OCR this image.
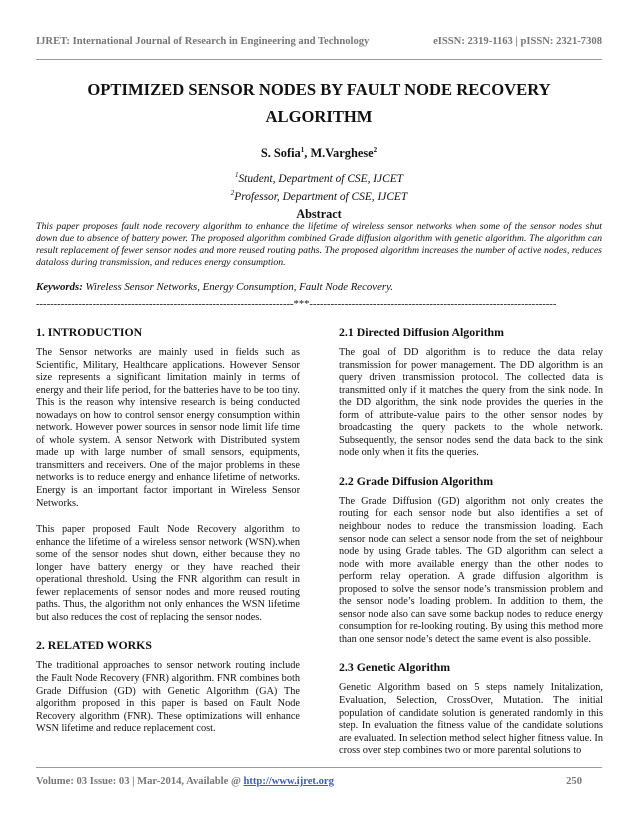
IJRET: International Journal of Research in Engineering and Technology	eISSN: 2319-1163 | pISSN: 2321-7308
OPTIMIZED SENSOR NODES BY FAULT NODE RECOVERY
ALGORITHM

S. Sofia$^1$, M.Varghese$^2$

$^1$Student, Department of CSE, IJCET
$^2$Professor, Department of CSE, IJCET
Abstract

This paper proposes fault node recovery algorithm to enhance the lifetime of wireless sensor networks when some of the sensor nodes shut down due to absence of battery power. The proposed algorithm combined Grade diffusion algorithm with genetic algorithm. The algorithm can result replacement of fewer sensor nodes and more reused routing paths. The proposed algorithm increases the number of active nodes, reduces dataloss during transmission, and reduces energy consumption.

Keywords: Wireless Sensor Networks, Energy Consumption, Fault Node Recovery.

-------------------------------------------------------------------------***----------------------------------------------------------------------
1. INTRODUCTION

The Sensor networks are mainly used in fields such as Scientific, Military, Healthcare applications. However Sensor size represents a significant limitation mainly in terms of energy and their life period, for the batteries have to be too tiny. This is the reason why intensive research is being conducted nowadays on how to control sensor energy consumption within network. However power sources in sensor node limit life time of whole system. A sensor Network with Distributed system made up with large number of small sensors, equipments, transmitters and receivers. One of the major problems in these networks is to reduce energy and enhance lifetime of networks. Energy is an important factor important in Wireless Sensor Networks.

This paper proposed Fault Node Recovery algorithm to enhance the lifetime of a wireless sensor network (WSN).when some of the sensor nodes shut down, either because they no longer have battery energy or they have reached their operational threshold. Using the FNR algorithm can result in fewer replacements of sensor nodes and more reused routing paths. Thus, the algorithm not only enhances the WSN lifetime but also reduces the cost of replacing the sensor nodes.

2. RELATED WORKS

The traditional approaches to sensor network routing include the Fault Node Recovery (FNR) algorithm. FNR combines both Grade Diffusion (GD) with Genetic Algorithm (GA) The algorithm proposed in this paper is based on Fault Node Recovery algorithm (FNR). These optimizations will enhance WSN lifetime and reduce replacement cost.

2.1 Directed Diffusion Algorithm

The goal of DD algorithm is to reduce the data relay transmission for power management. The DD algorithm is an query driven transmission protocol. The collected data is transmitted only if it matches the query from the sink node. In the DD algorithm, the sink node provides the queries in the form of attribute-value pairs to the other sensor nodes by broadcasting the query packets to the whole network. Subsequently, the sensor nodes send the data back to the sink node only when it fits the queries.

2.2 Grade Diffusion Algorithm

The Grade Diffusion (GD) algorithm not only creates the routing for each sensor node but also identifies a set of neighbour nodes to reduce the transmission loading. Each sensor node can select a sensor node from the set of neighbour node by using Grade tables. The GD algorithm can select a node with more available energy than the other nodes to perform relay operation. A grade diffusion algorithm is proposed to solve the sensor node’s transmission problem and the sensor node’s loading problem. In addition to them, the sensor node also can save some backup nodes to reduce energy consumption for re-looking routing. By using this method more than one sensor node’s detect the same event is also possible.

2.3 Genetic Algorithm

Genetic Algorithm based on 5 steps namely Initalization, Evaluation, Selection, CrossOver, Mutation. The initial population of candidate solution is generated randomly in this step. In evaluation the fitness value of the candidate solutions are evaluated. In selection method select higher fitness value. In cross over step combines two or more parental solutions to

Volume: 03 Issue: 03 | Mar-2014, Available @ http://www.ijret.org	250
